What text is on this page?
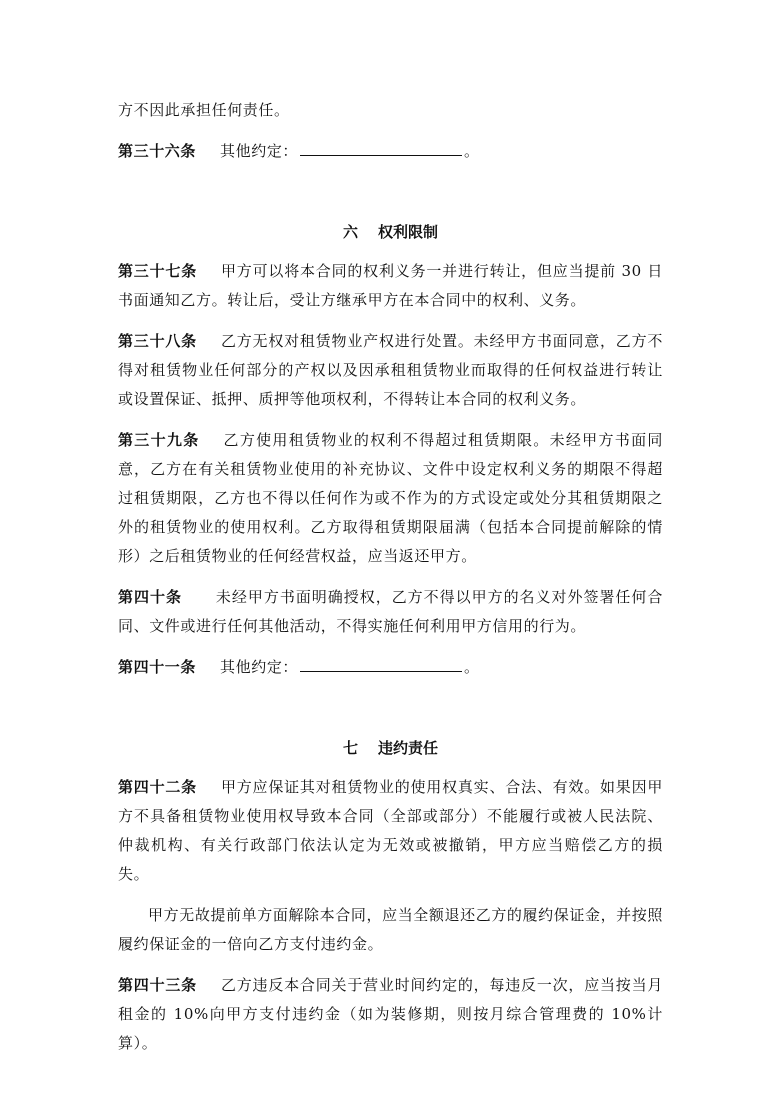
方不因此承担任何责任。

第三十六条 其他约定：	。

六 权利限制

第三十七条 甲方可以将本合同的权利义务一并进行转让，但应当提前 30 日书面通知乙方。转让后，受让方继承甲方在本合同中的权利、义务。

第三十八条 乙方无权对租赁物业产权进行处置。未经甲方书面同意，乙方不得对租赁物业任何部分的产权以及因承租租赁物业而取得的任何权益进行转让或设置保证、抵押、质押等他项权利，不得转让本合同的权利义务。

第三十九条 乙方使用租赁物业的权利不得超过租赁期限。未经甲方书面同意，乙方在有关租赁物业使用的补充协议、文件中设定权利义务的期限不得超过租赁期限，乙方也不得以任何作为或不作为的方式设定或处分其租赁期限之外的租赁物业的使用权利。乙方取得租赁期限届满（包括本合同提前解除的情形）之后租赁物业的任何经营权益，应当返还甲方。

第四十条 未经甲方书面明确授权，乙方不得以甲方的名义对外签署任何合同、文件或进行任何其他活动，不得实施任何利用甲方信用的行为。

第四十一条 其他约定：	。

七 违约责任

第四十二条 甲方应保证其对租赁物业的使用权真实、合法、有效。如果因甲方不具备租赁物业使用权导致本合同（全部或部分）不能履行或被人民法院、仲裁机构、有关行政部门依法认定为无效或被撤销，甲方应当赔偿乙方的损失。

甲方无故提前单方面解除本合同，应当全额退还乙方的履约保证金，并按照履约保证金的一倍向乙方支付违约金。

第四十三条 乙方违反本合同关于营业时间约定的，每违反一次，应当按当月租金的 10%向甲方支付违约金（如为装修期，则按月综合管理费的 10%计算）。
